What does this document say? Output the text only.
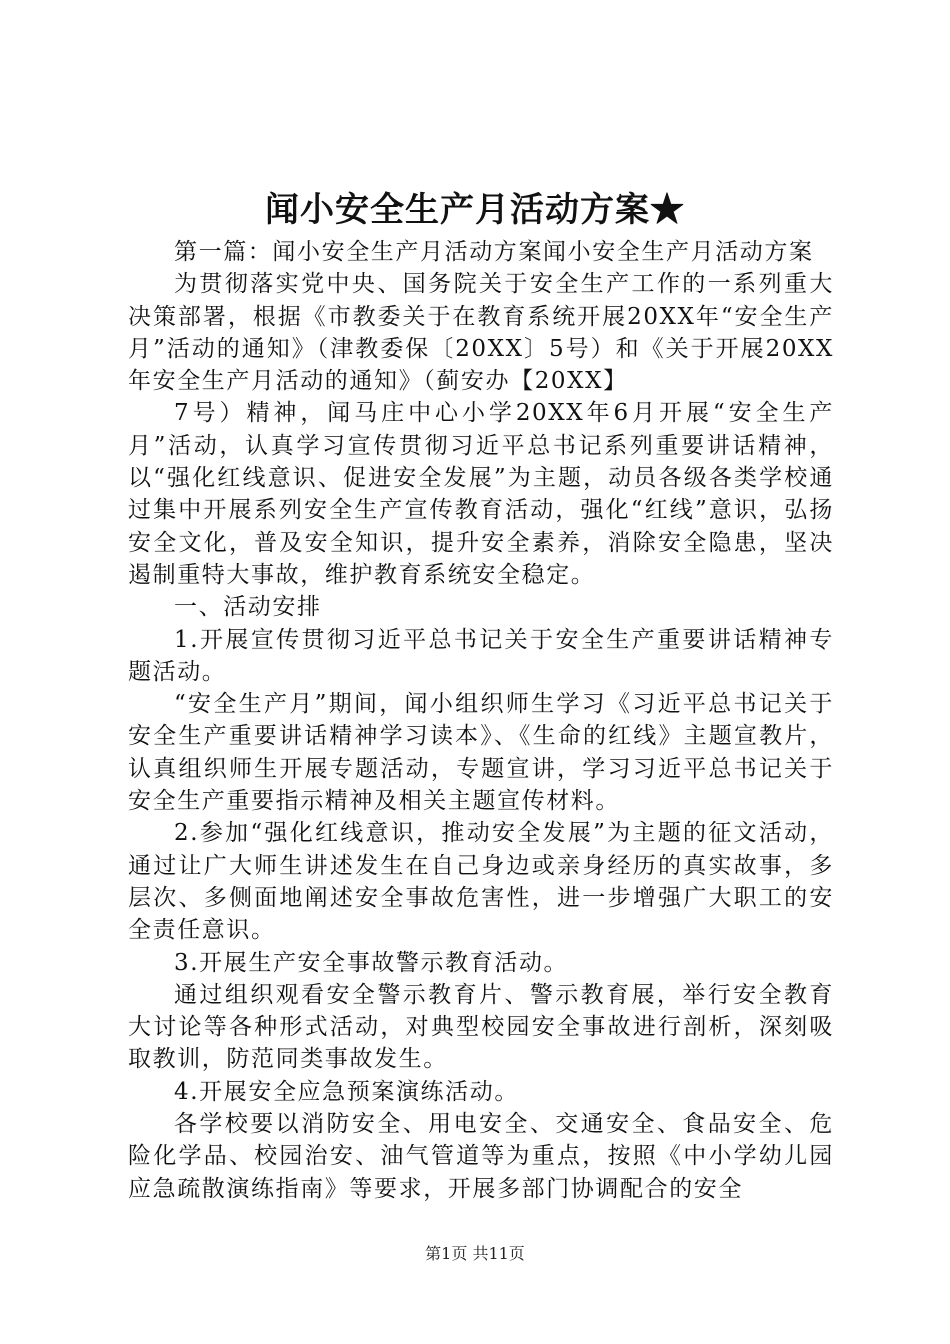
闻小安全生产月活动方案★

第一篇：闻小安全生产月活动方案闻小安全生产月活动方案

为贯彻落实党中央、国务院关于安全生产工作的一系列重大决策部署，根据《市教委关于在教育系统开展20XX年“安全生产月”活动的通知》（津教委保〔20XX〕5号）和《关于开展20XX年安全生产月活动的通知》（蓟安办【20XX】

7号）精神，闻马庄中心小学20XX年6月开展“安全生产月”活动，认真学习宣传贯彻习近平总书记系列重要讲话精神，以“强化红线意识、促进安全发展”为主题，动员各级各类学校通过集中开展系列安全生产宣传教育活动，强化“红线”意识，弘扬安全文化，普及安全知识，提升安全素养，消除安全隐患，坚决遏制重特大事故，维护教育系统安全稳定。

一、活动安排

1.开展宣传贯彻习近平总书记关于安全生产重要讲话精神专题活动。

“安全生产月”期间，闻小组织师生学习《习近平总书记关于安全生产重要讲话精神学习读本》、《生命的红线》主题宣教片，认真组织师生开展专题活动，专题宣讲，学习习近平总书记关于安全生产重要指示精神及相关主题宣传材料。

2.参加“强化红线意识，推动安全发展”为主题的征文活动，通过让广大师生讲述发生在自己身边或亲身经历的真实故事，多层次、多侧面地阐述安全事故危害性，进一步增强广大职工的安全责任意识。

3.开展生产安全事故警示教育活动。

通过组织观看安全警示教育片、警示教育展，举行安全教育大讨论等各种形式活动，对典型校园安全事故进行剖析，深刻吸取教训，防范同类事故发生。

4.开展安全应急预案演练活动。

各学校要以消防安全、用电安全、交通安全、食品安全、危险化学品、校园治安、油气管道等为重点，按照《中小学幼儿园应急疏散演练指南》等要求，开展多部门协调配合的安全

第1页 共11页
